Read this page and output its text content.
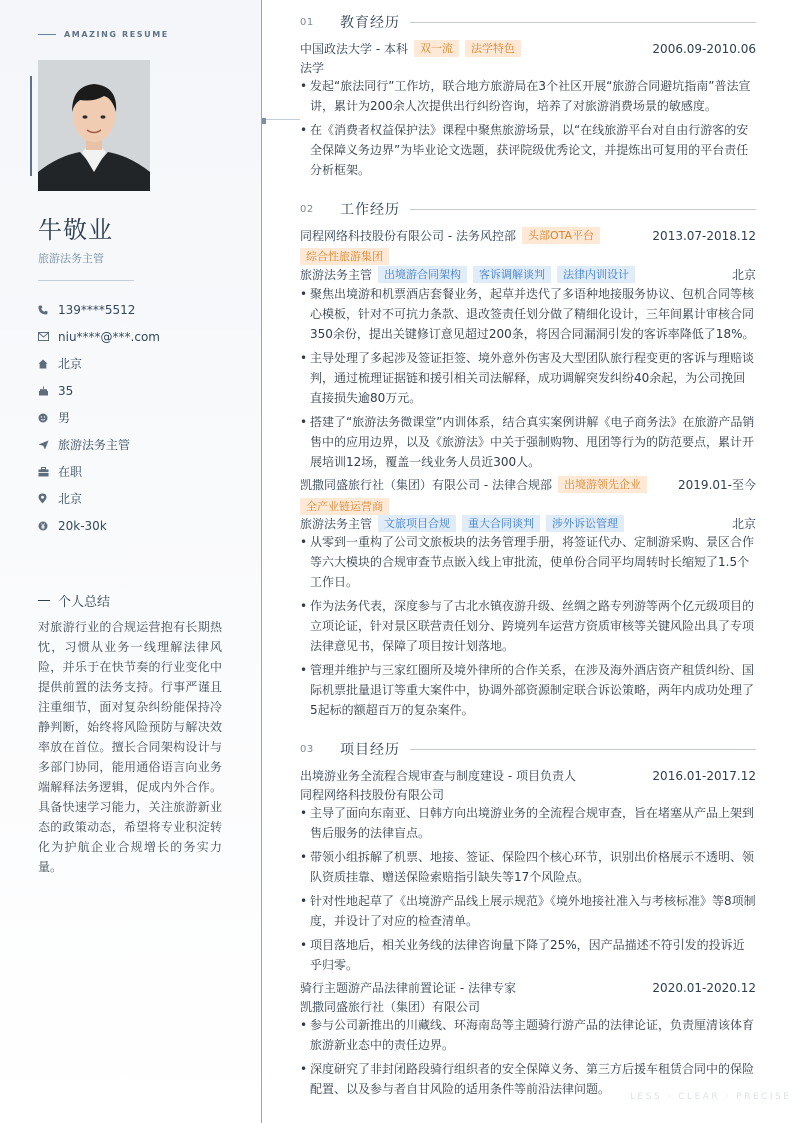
AMAZING RESUME
牛敬业
旅游法务主管
139****5512
niu****@***.com
北京
35
男
旅游法务主管
在职
北京
20k-30k
个人总结
对旅游行业的合规运营抱有长期热忱，习惯从业务一线理解法律风险，并乐于在快节奏的行业变化中提供前置的法务支持。行事严谨且注重细节，面对复杂纠纷能保持冷静判断，始终将风险预防与解决效率放在首位。擅长合同架构设计与多部门协同，能用通俗语言向业务端解释法务逻辑，促成内外合作。具备快速学习能力，关注旅游新业态的政策动态，希望将专业积淀转化为护航企业合规增长的务实力量。
01	教育经历
中国政法大学 - 本科	双一流	法学特色	2006.09-2010.06
法学
• 发起“旅法同行”工作坊，联合地方旅游局在3个社区开展“旅游合同避坑指南”普法宣讲，累计为200余人次提供出行纠纷咨询，培养了对旅游消费场景的敏感度。
• 在《消费者权益保护法》课程中聚焦旅游场景，以“在线旅游平台对自由行游客的安全保障义务边界”为毕业论文选题，获评院级优秀论文，并提炼出可复用的平台责任分析框架。
02	工作经历
同程网络科技股份有限公司 - 法务风控部	头部OTA平台	2013.07-2018.12
综合性旅游集团
旅游法务主管	出境游合同架构	客诉调解谈判	法律内训设计	北京
• 聚焦出境游和机票酒店套餐业务，起草并迭代了多语种地接服务协议、包机合同等核心模板，针对不可抗力条款、退改签责任划分做了精细化设计，三年间累计审核合同350余份，提出关键修订意见超过200条，将因合同漏洞引发的客诉率降低了18%。
• 主导处理了多起涉及签证拒签、境外意外伤害及大型团队旅行程变更的客诉与理赔谈判，通过梳理证据链和援引相关司法解释，成功调解突发纠纷40余起，为公司挽回直接损失逾80万元。
• 搭建了“旅游法务微课堂”内训体系，结合真实案例讲解《电子商务法》在旅游产品销售中的应用边界，以及《旅游法》中关于强制购物、甩团等行为的防范要点，累计开展培训12场，覆盖一线业务人员近300人。
凯撒同盛旅行社（集团）有限公司 - 法律合规部	出境游领先企业	2019.01-至今
全产业链运营商
旅游法务主管	文旅项目合规	重大合同谈判	涉外诉讼管理	北京
• 从零到一重构了公司文旅板块的法务管理手册，将签证代办、定制游采购、景区合作等六大模块的合规审查节点嵌入线上审批流，使单份合同平均周转时长缩短了1.5个工作日。
• 作为法务代表，深度参与了古北水镇夜游升级、丝绸之路专列游等两个亿元级项目的立项论证，针对景区联营责任划分、跨境列车运营方资质审核等关键风险出具了专项法律意见书，保障了项目按计划落地。
• 管理并维护与三家红圈所及境外律所的合作关系，在涉及海外酒店资产租赁纠纷、国际机票批量退订等重大案件中，协调外部资源制定联合诉讼策略，两年内成功处理了5起标的额超百万的复杂案件。
03	项目经历
出境游业务全流程合规审查与制度建设 - 项目负责人	2016.01-2017.12
同程网络科技股份有限公司
• 主导了面向东南亚、日韩方向出境游业务的全流程合规审查，旨在堵塞从产品上架到售后服务的法律盲点。
• 带领小组拆解了机票、地接、签证、保险四个核心环节，识别出价格展示不透明、领队资质挂靠、赠送保险索赔指引缺失等17个风险点。
• 针对性地起草了《出境游产品线上展示规范》《境外地接社准入与考核标准》等8项制度，并设计了对应的检查清单。
• 项目落地后，相关业务线的法律咨询量下降了25%，因产品描述不符引发的投诉近乎归零。
骑行主题游产品法律前置论证 - 法律专家	2020.01-2020.12
凯撒同盛旅行社（集团）有限公司
• 参与公司新推出的川藏线、环海南岛等主题骑行游产品的法律论证，负责厘清该体育旅游新业态中的责任边界。
• 深度研究了非封闭路段骑行组织者的安全保障义务、第三方后援车租赁合同中的保险配置、以及参与者自甘风险的适用条件等前沿法律问题。
LESS · CLEAR · PRECISE
